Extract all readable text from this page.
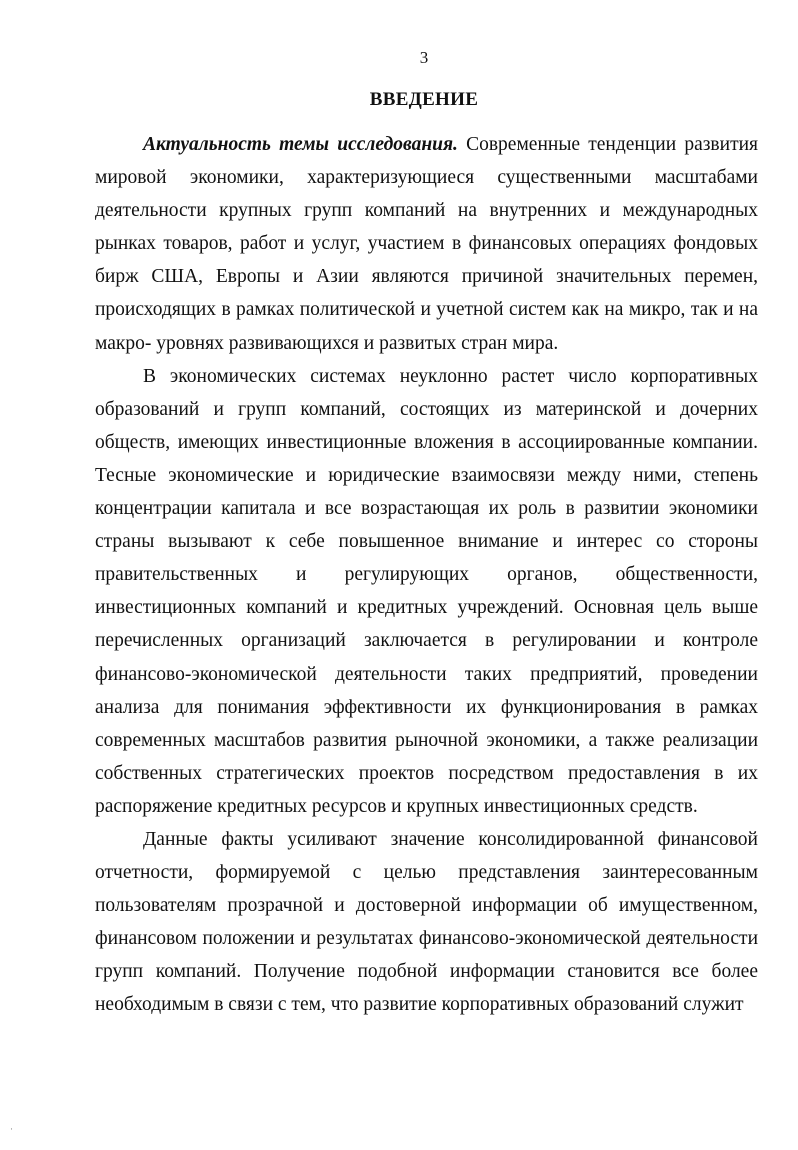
3
ВВЕДЕНИЕ

Актуальность темы исследования. Современные тенденции развития мировой экономики, характеризующиеся существенными масштабами деятельности крупных групп компаний на внутренних и международных рынках товаров, работ и услуг, участием в финансовых операциях фондовых бирж США, Европы и Азии являются причиной значительных перемен, происходящих в рамках политической и учетной систем как на микро, так и на макро- уровнях развивающихся и развитых стран мира.

В экономических системах неуклонно растет число корпоративных образований и групп компаний, состоящих из материнской и дочерних обществ, имеющих инвестиционные вложения в ассоциированные компании. Тесные экономические и юридические взаимосвязи между ними, степень концентрации капитала и все возрастающая их роль в развитии экономики страны вызывают к себе повышенное внимание и интерес со стороны правительственных и регулирующих органов, общественности, инвестиционных компаний и кредитных учреждений. Основная цель выше перечисленных организаций заключается в регулировании и контроле финансово-экономической деятельности таких предприятий, проведении анализа для понимания эффективности их функционирования в рамках современных масштабов развития рыночной экономики, а также реализации собственных стратегических проектов посредством предоставления в их распоряжение кредитных ресурсов и крупных инвестиционных средств.

Данные факты усиливают значение консолидированной финансовой отчетности, формируемой с целью представления заинтересованным пользователям прозрачной и достоверной информации об имущественном, финансовом положении и результатах финансово-экономической деятельности групп компаний. Получение подобной информации становится все более необходимым в связи с тем, что развитие корпоративных образований служит

·
